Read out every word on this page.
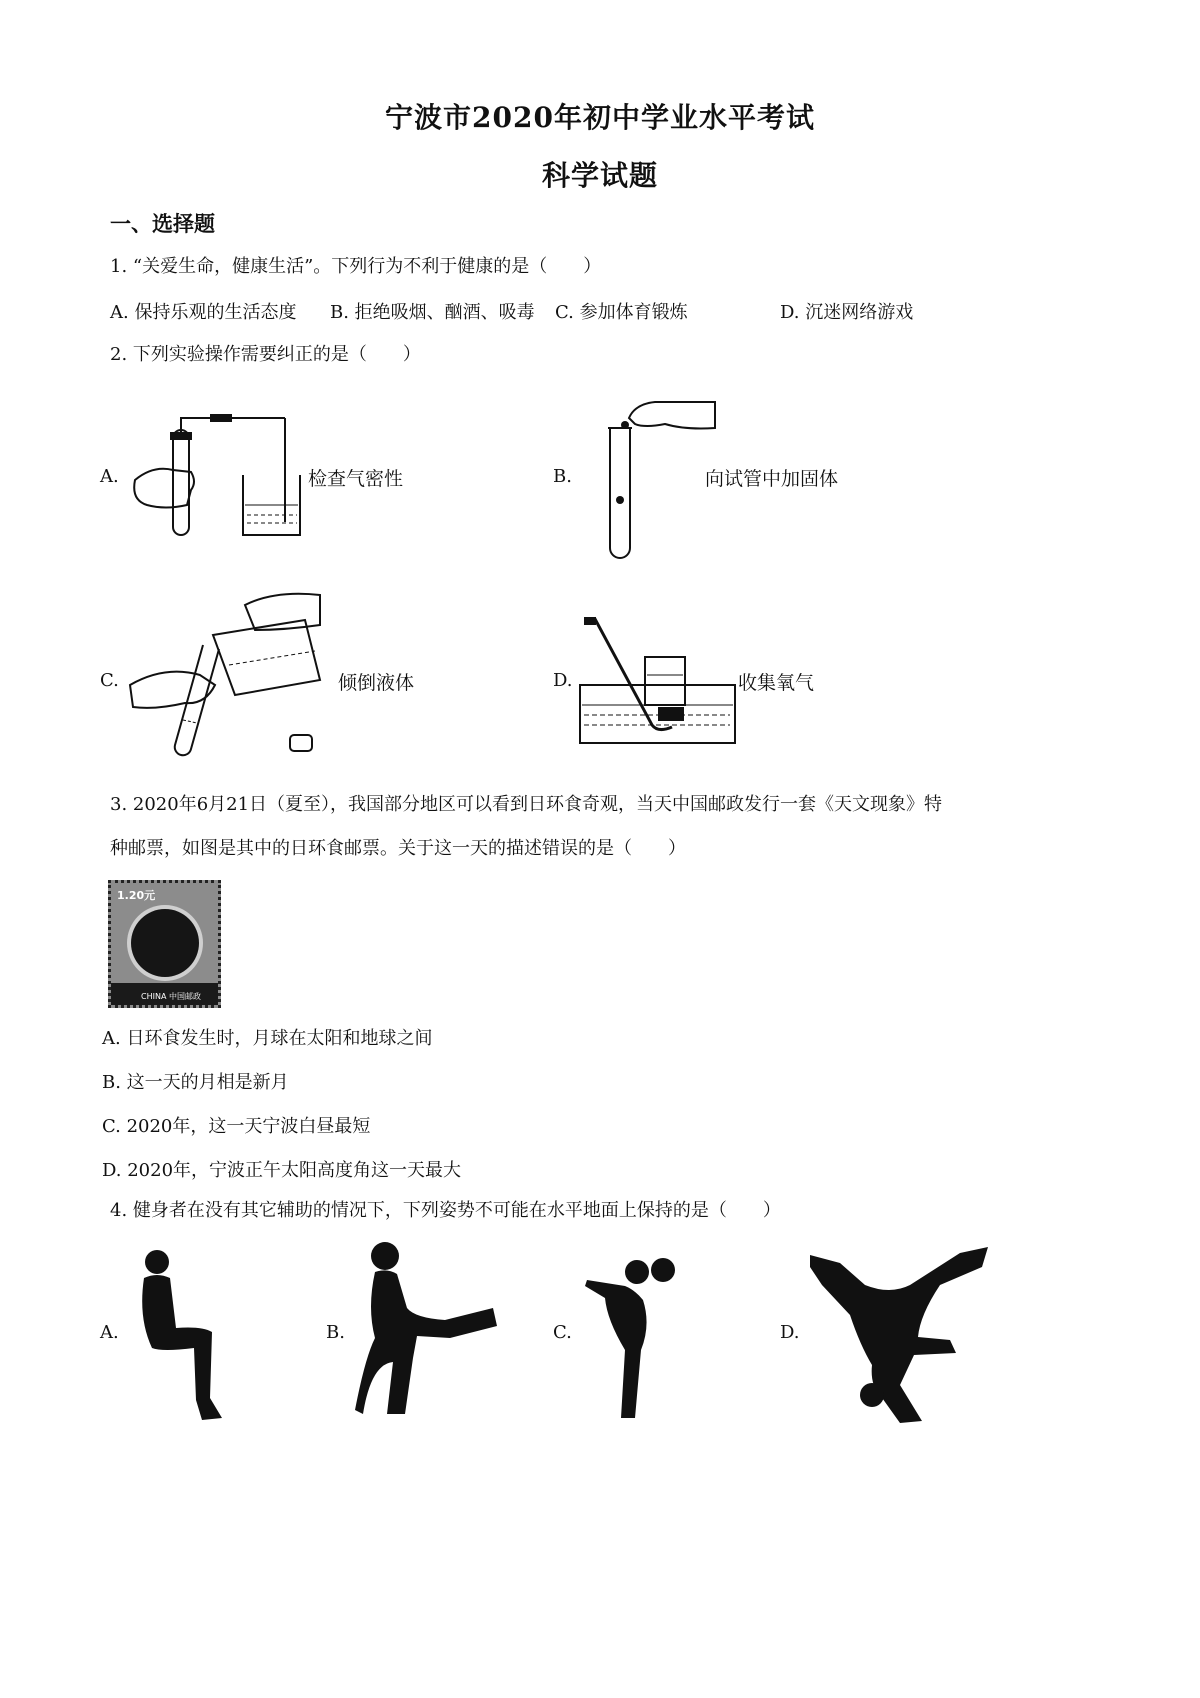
宁波市2020年初中学业水平考试
科学试题
一、选择题
1. “关爱生命，健康生活”。下列行为不利于健康的是（　　）
A. 保持乐观的生活态度 B. 拒绝吸烟、酗酒、吸毒 C. 参加体育锻炼	D. 沉迷网络游戏
2. 下列实验操作需要纠正的是（　　）
A.	检查气密性	B.	向试管中加固体
C.	倾倒液体	D.	收集氧气
3. 2020年6月21日（夏至），我国部分地区可以看到日环食奇观，当天中国邮政发行一套《天文现象》特
种邮票，如图是其中的日环食邮票。关于这一天的描述错误的是（　　）
1.20元
CHINA 中国邮政
A. 日环食发生时，月球在太阳和地球之间
B. 这一天的月相是新月
C. 2020年，这一天宁波白昼最短
D. 2020年，宁波正午太阳高度角这一天最大
4. 健身者在没有其它辅助的情况下，下列姿势不可能在水平地面上保持的是（　　）
A.	B.	C.	D.
